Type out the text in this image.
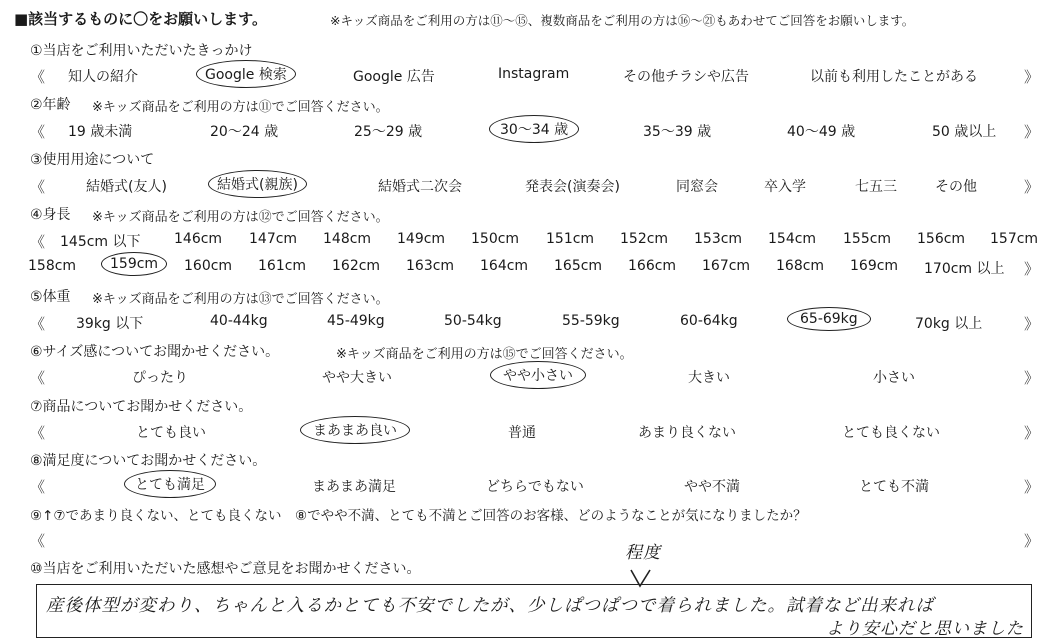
■該当するものに〇をお願いします。	※キッズ商品をご利用の方は⑪～⑮、複数商品をご利用の方は⑯～㉑もあわせてご回答をお願いします。
①当店をご利用いただいたきっかけ
《 知人の紹介	Google 検索	Google 広告	Instagram	その他チラシや広告	以前も利用したことがある	》
②年齢 ※キッズ商品をご利用の方は⑪でご回答ください。
《 19 歳未満	20～24 歳	25～29 歳	30～34 歳	35～39 歳	40～49 歳	50 歳以上 》
③使用用途について
《	結婚式(友人)	結婚式(親族)	結婚式二次会	発表会(演奏会)	同窓会	卒入学	七五三	その他	》
④身長 ※キッズ商品をご利用の方は⑫でご回答ください。
《 145cm 以下 146cm 147cm 148cm 149cm 150cm 151cm 152cm 153cm 154cm 155cm 156cm 157cm
158cm	159cm	160cm 161cm 162cm 163cm 164cm 165cm 166cm 167cm 168cm 169cm 170cm 以上 》
⑤体重 ※キッズ商品をご利用の方は⑬でご回答ください。
《 39kg 以下	40-44kg	45-49kg	50-54kg	55-59kg	60-64kg	65-69kg	70kg 以上	》
⑥サイズ感についてお聞かせください。	※キッズ商品をご利用の方は⑮でご回答ください。
《	ぴったり	やや大きい	やや小さい	大きい	小さい	》
⑦商品についてお聞かせください。
《	とても良い	まあまあ良い	普通	あまり良くない	とても良くない	》
⑧満足度についてお聞かせください。
《	とても満足	まあまあ満足	どちらでもない	やや不満	とても不満	》
⑨↑⑦であまり良くない、とても良くない　⑧でやや不満、とても不満とご回答のお客様、どのようなことが気になりましたか？
《	》
⑩当店をご利用いただいた感想やご意見をお聞かせください。
程度
産後体型が変わり、ちゃんと入るかとても不安でしたが、少しぱつぱつで着られました。試着など出来れば
より安心だと思いました
